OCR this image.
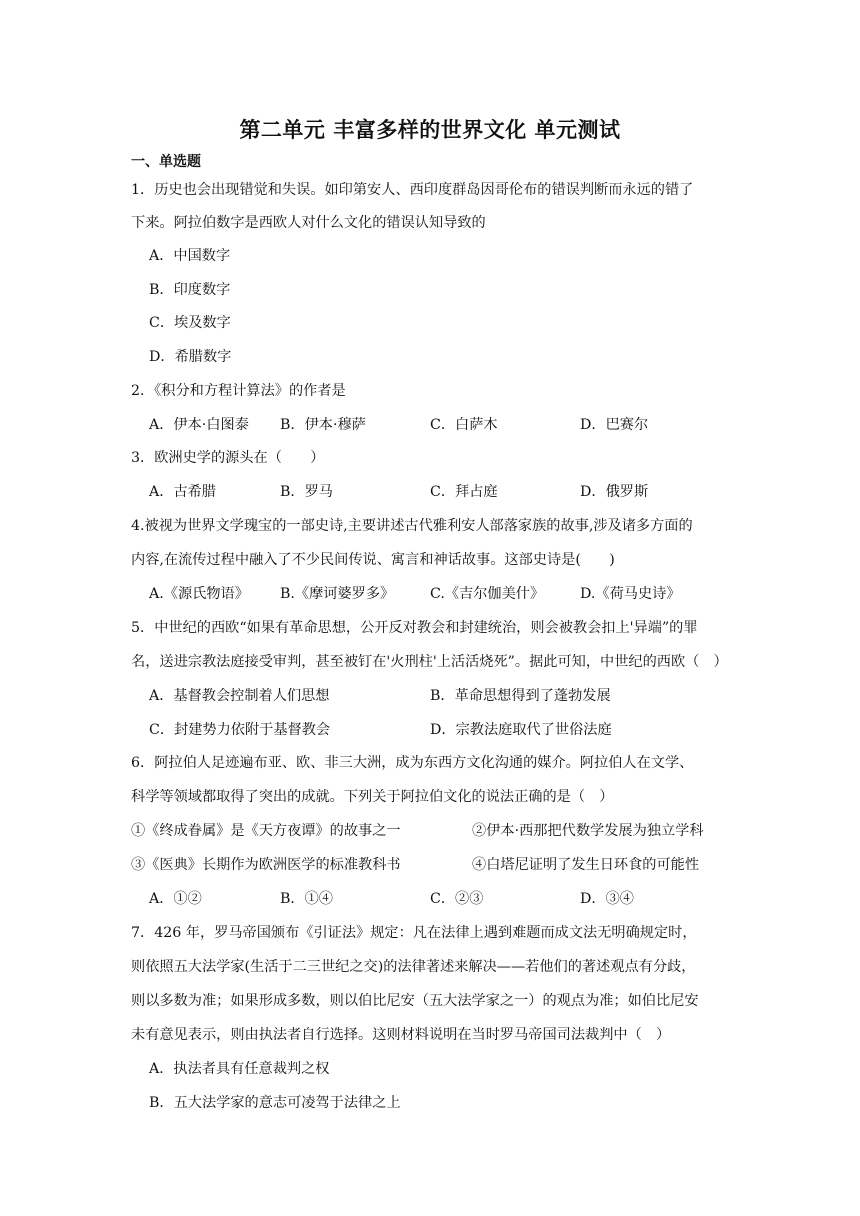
第二单元 丰富多样的世界文化 单元测试
一、单选题
1．历史也会出现错觉和失误。如印第安人、西印度群岛因哥伦布的错误判断而永远的错了
下来。阿拉伯数字是西欧人对什么文化的错误认知导致的
A．中国数字
B．印度数字
C．埃及数字
D．希腊数字
2．《积分和方程计算法》的作者是
A．伊本·白图泰 B．伊本·穆萨	C．白萨木	D．巴赛尔
3．欧洲史学的源头在（　　）
A．古希腊	B．罗马	C．拜占庭	D．俄罗斯
4.被视为世界文学瑰宝的一部史诗,主要讲述古代雅利安人部落家族的故事,涉及诸多方面的
内容,在流传过程中融入了不少民间传说、寓言和神话故事。这部史诗是(　　)
A.《源氏物语》 B.《摩诃婆罗多》	C.《吉尔伽美什》	D.《荷马史诗》
5．中世纪的西欧“如果有革命思想，公开反对教会和封建统治，则会被教会扣上'异端”的罪
名，送进宗教法庭接受审判，甚至被钉在'火刑柱'上活活烧死”。据此可知，中世纪的西欧（　）
A．基督教会控制着人们思想	B．革命思想得到了蓬勃发展
C．封建势力依附于基督教会	D．宗教法庭取代了世俗法庭
6．阿拉伯人足迹遍布亚、欧、非三大洲，成为东西方文化沟通的媒介。阿拉伯人在文学、
科学等领域都取得了突出的成就。下列关于阿拉伯文化的说法正确的是（　）
①《终成眷属》是《天方夜谭》的故事之一	②伊本·西那把代数学发展为独立学科
③《医典》长期作为欧洲医学的标准教科书	④白塔尼证明了发生日环食的可能性
A．①②	B．①④	C．②③	D．③④
7．426 年，罗马帝国颁布《引证法》规定：凡在法律上遇到难题而成文法无明确规定时，
则依照五大法学家(生活于二三世纪之交)的法律著述来解决——若他们的著述观点有分歧，
则以多数为准；如果形成多数，则以伯比尼安（五大法学家之一）的观点为准；如伯比尼安
未有意见表示，则由执法者自行选择。这则材料说明在当时罗马帝国司法裁判中（　）
A．执法者具有任意裁判之权
B．五大法学家的意志可凌驾于法律之上
